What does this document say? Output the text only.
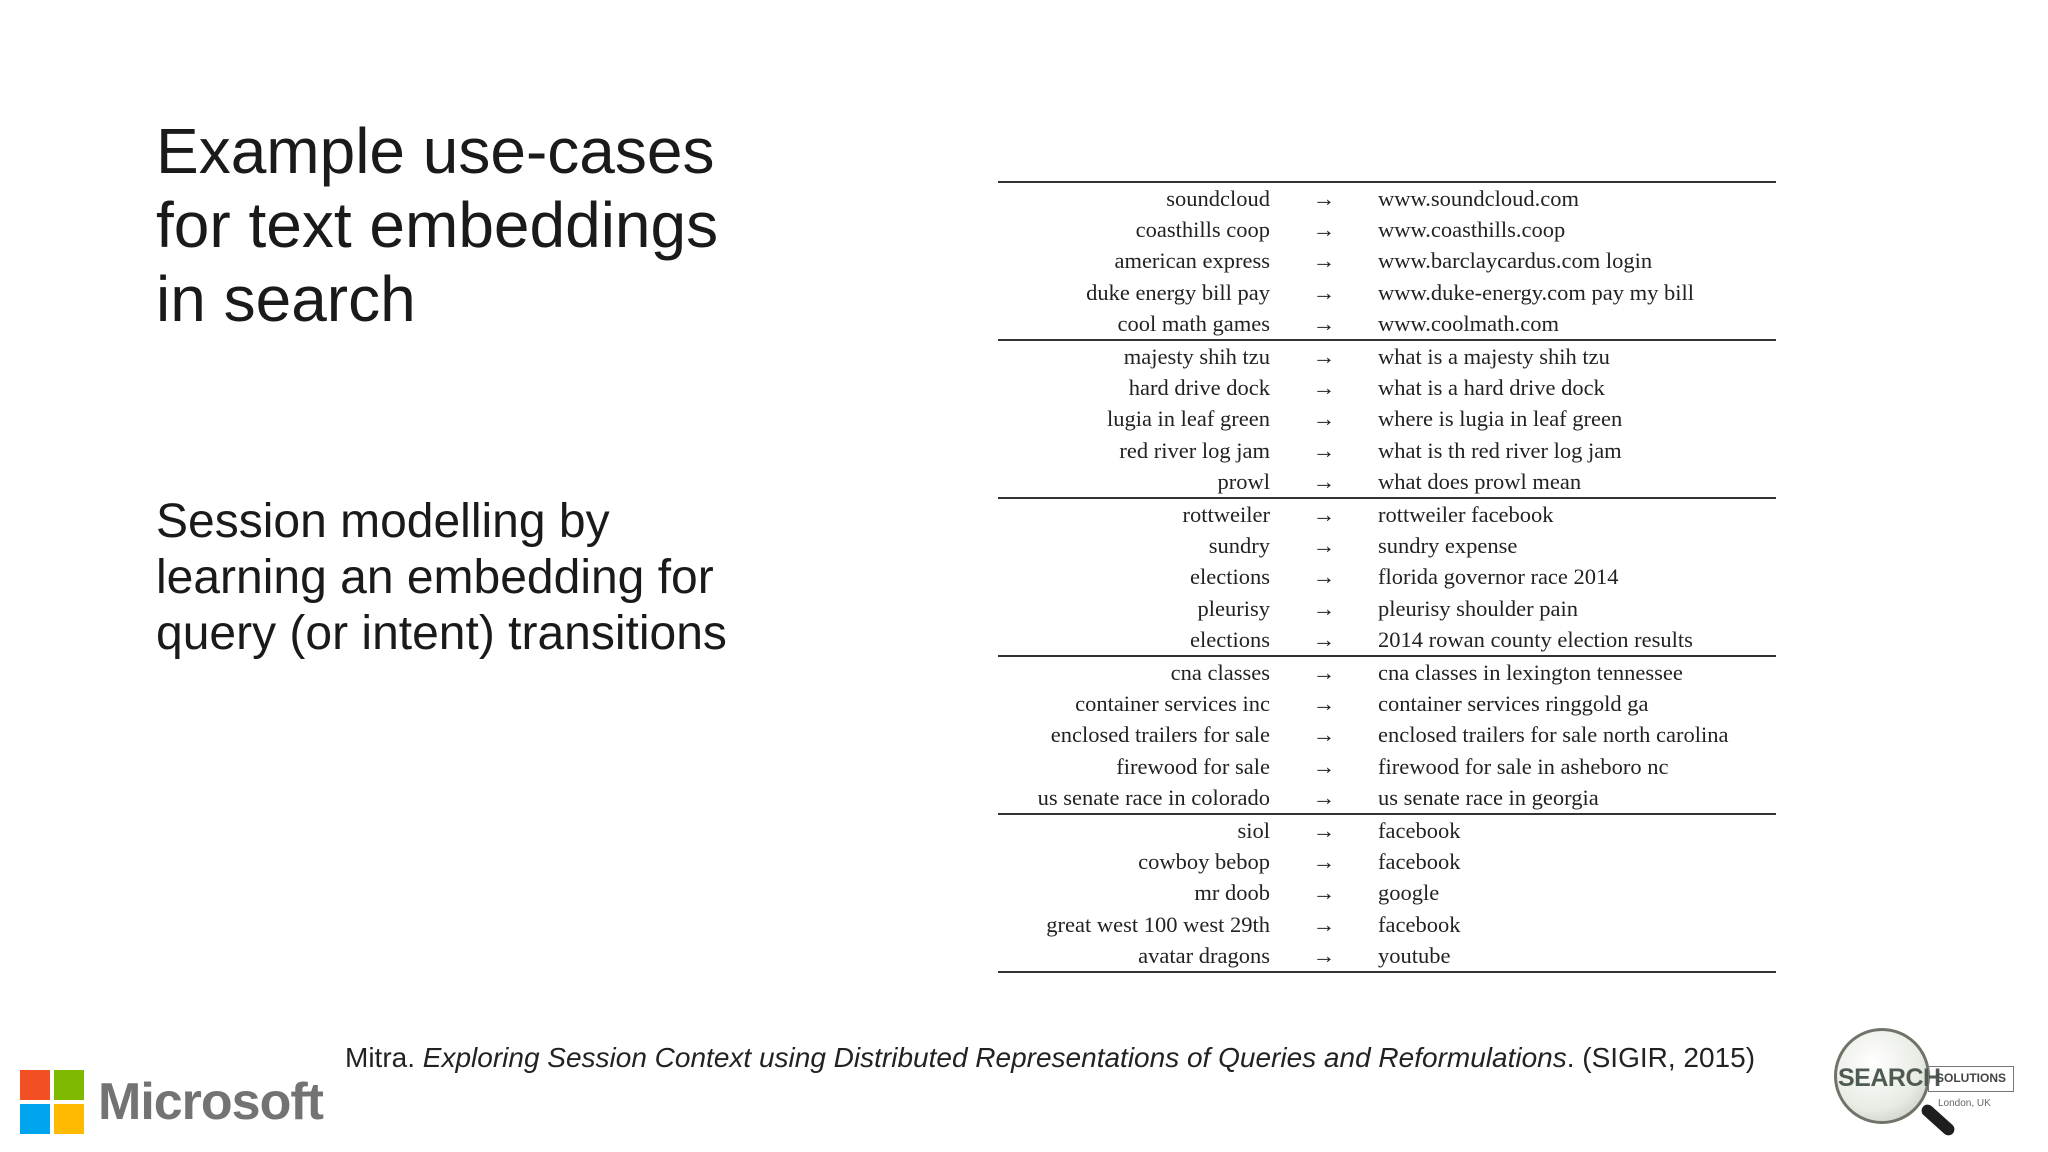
Example use-cases
for text embeddings
in search
Session modelling by
learning an embedding for
query (or intent) transitions
soundcloud	→	www.soundcloud.com
coasthills coop	→	www.coasthills.coop
american express	→	www.barclaycardus.com login
duke energy bill pay	→	www.duke-energy.com pay my bill
cool math games	→	www.coolmath.com
majesty shih tzu	→	what is a majesty shih tzu
hard drive dock	→	what is a hard drive dock
lugia in leaf green	→	where is lugia in leaf green
red river log jam	→	what is th red river log jam
prowl	→	what does prowl mean
rottweiler	→	rottweiler facebook
sundry	→	sundry expense
elections	→	florida governor race 2014
pleurisy	→	pleurisy shoulder pain
elections	→	2014 rowan county election results
cna classes	→	cna classes in lexington tennessee
container services inc	→	container services ringgold ga
enclosed trailers for sale	→	enclosed trailers for sale north carolina
firewood for sale	→	firewood for sale in asheboro nc
us senate race in colorado	→	us senate race in georgia
siol	→	facebook
cowboy bebop	→	facebook
mr doob	→	google
great west 100 west 29th	→	facebook
avatar dragons	→	youtube
Mitra. Exploring Session Context using Distributed Representations of Queries and Reformulations. (SIGIR, 2015)
Microsoft	SEARCH
SOLUTIONS
London, UK
